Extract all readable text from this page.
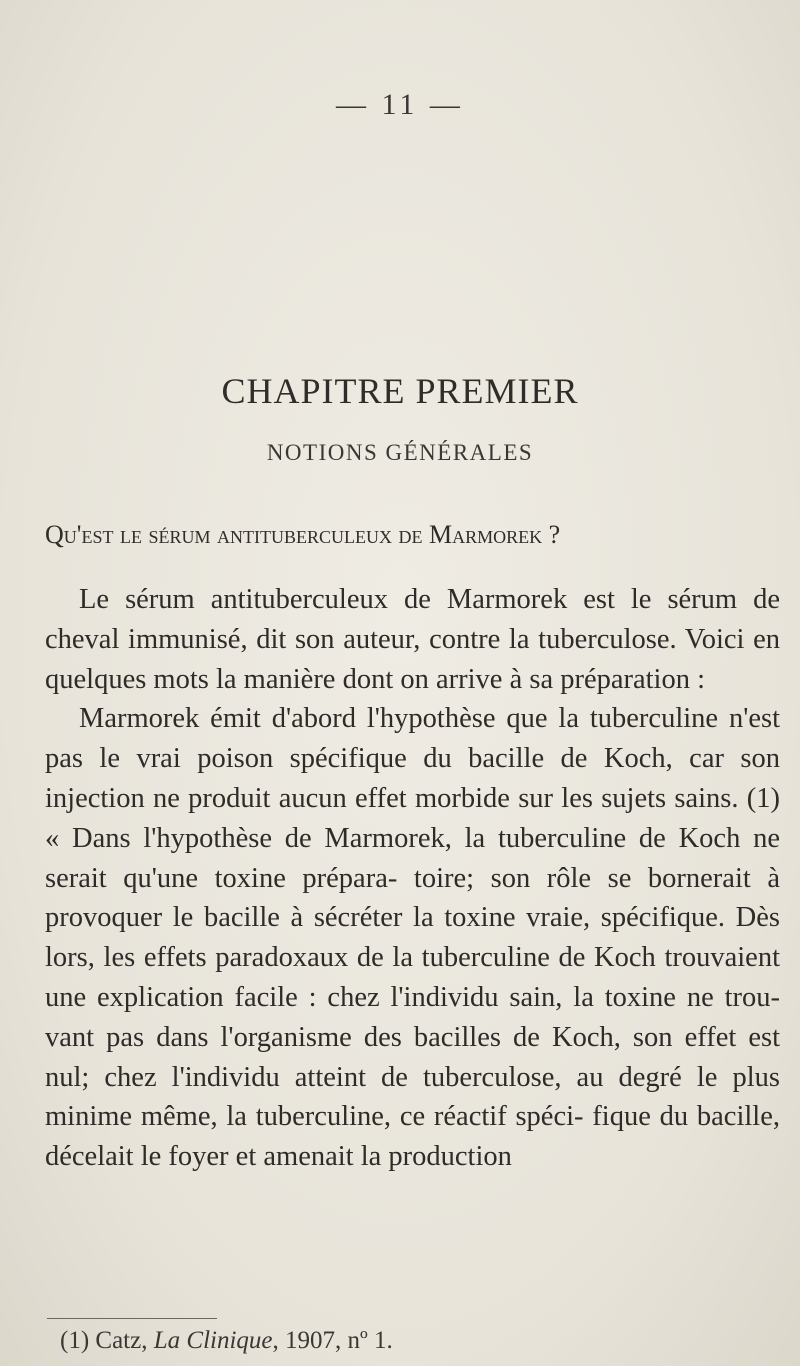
— 11 —
CHAPITRE PREMIER
NOTIONS GÉNÉRALES
Qu'est le sérum antituberculeux de Marmorek ?

Le sérum antituberculeux de Marmorek est le sérum de cheval immunisé, dit son auteur, contre la tuberculose. Voici en quelques mots la manière dont on arrive à sa préparation :

Marmorek émit d'abord l'hypothèse que la tuberculine n'est pas le vrai poison spécifique du bacille de Koch, car son injection ne produit aucun effet morbide sur les sujets sains. (1) « Dans l'hypothèse de Marmorek, la tuberculine de Koch ne serait qu'une toxine prépara- toire; son rôle se bornerait à provoquer le bacille à sécréter la toxine vraie, spécifique. Dès lors, les effets paradoxaux de la tuberculine de Koch trouvaient une explication facile : chez l'individu sain, la toxine ne trou- vant pas dans l'organisme des bacilles de Koch, son effet est nul; chez l'individu atteint de tuberculose, au degré le plus minime même, la tuberculine, ce réactif spéci- fique du bacille, décelait le foyer et amenait la production

(1) Catz, La Clinique, 1907, nº 1.
